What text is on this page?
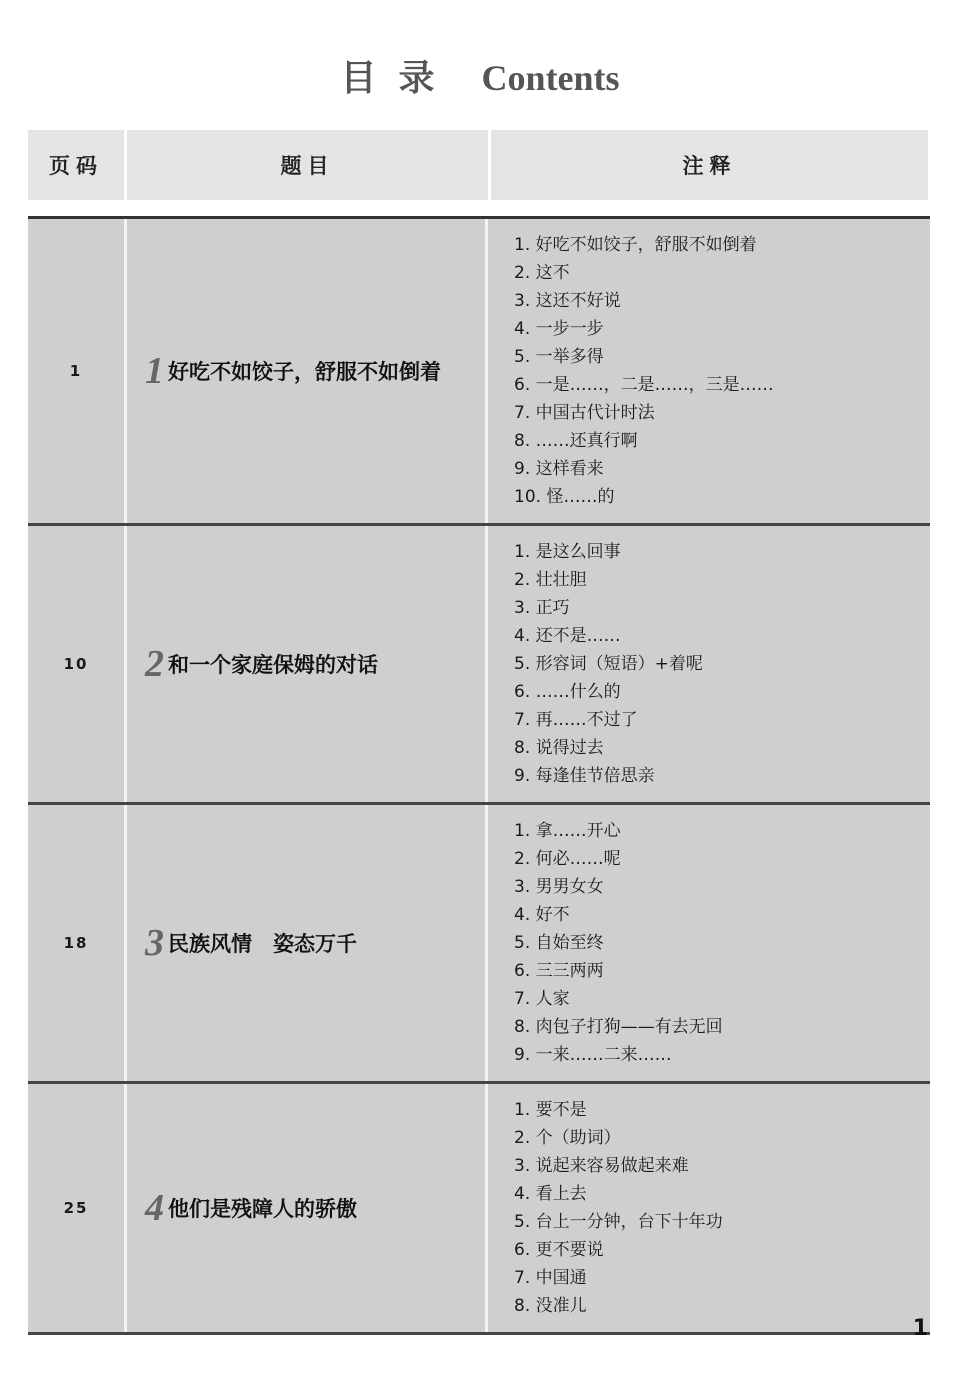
目录 Contents
页码	题目	注释
1	1 好吃不如饺子，舒服不如倒着
1. 好吃不如饺子，舒服不如倒着
2. 这不
3. 这还不好说
4. 一步一步
5. 一举多得
6. 一是……，二是……，三是……
7. 中国古代计时法
8. ……还真行啊
9. 这样看来
10. 怪……的
10	2 和一个家庭保姆的对话
1. 是这么回事
2. 壮壮胆
3. 正巧
4. 还不是……
5. 形容词（短语）+着呢
6. ……什么的
7. 再……不过了
8. 说得过去
9. 每逢佳节倍思亲
18	3 民族风情　姿态万千
1. 拿……开心
2. 何必……呢
3. 男男女女
4. 好不
5. 自始至终
6. 三三两两
7. 人家
8. 肉包子打狗——有去无回
9. 一来……二来……
25	4 他们是残障人的骄傲
1. 要不是
2. 个（助词）
3. 说起来容易做起来难
4. 看上去
5. 台上一分钟，台下十年功
6. 更不要说
7. 中国通
8. 没准儿
1
